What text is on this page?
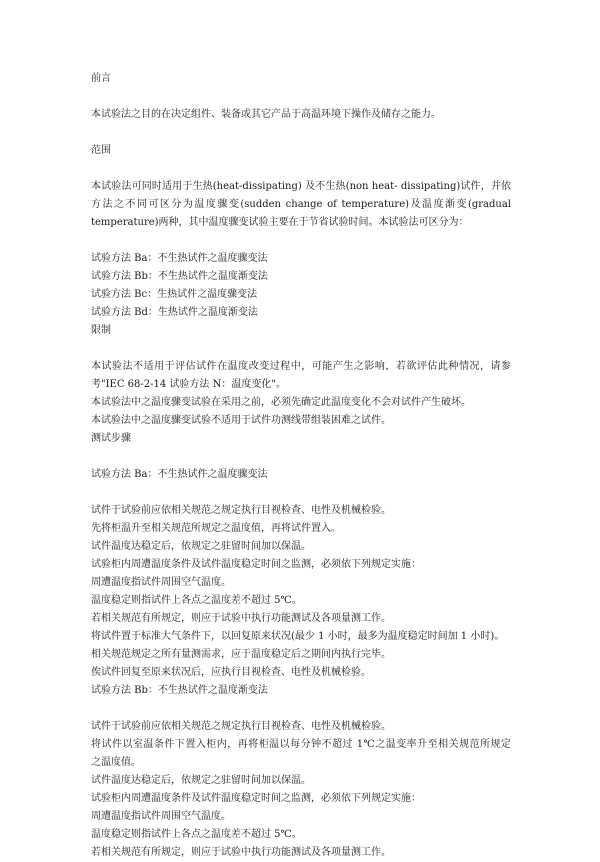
前言
本试验法之目的在决定组件、装备或其它产品于高温环境下操作及储存之能力。
范围
本试验法可同时适用于生热(heat-dissipating) 及不生热(non heat- dissipating)试件，并依
方法之不同可区分为温度骤变(sudden change of temperature)及温度渐变(gradual
temperature)两种，其中温度骤变试验主要在于节省试验时间。本试验法可区分为：
试验方法 Ba：不生热试件之温度骤变法
试验方法 Bb：不生热试件之温度渐变法
试验方法 Bc：生热试件之温度骤变法
试验方法 Bd：生热试件之温度渐变法
限制
本试验法不适用于评估试件在温度改变过程中，可能产生之影响，若欲评估此种情况，请参
考"IEC 68-2-14 试验方法 N：温度变化"。
本试验法中之温度骤变试验在采用之前，必须先确定此温度变化不会对试件产生破坏。
本试验法中之温度骤变试验不适用于试件功测线带组装困难之试件。
测试步骤
试验方法 Ba：不生热试件之温度骤变法
试件于试验前应依相关规范之规定执行目视检查、电性及机械检验。
先将柜温升至相关规范所规定之温度值，再将试件置入。
试件温度达稳定后，依规定之驻留时间加以保温。
试验柜内周遭温度条件及试件温度稳定时间之监测，必须依下列规定实施：
周遭温度指试件周围空气温度。
温度稳定则指试件上各点之温度差不超过 5℃。
若相关规范有所规定，则应于试验中执行功能测试及各项量测工作。
将试件置于标准大气条件下，以回复原来状况(最少 1 小时，最多为温度稳定时间加 1 小时)。
相关规范规定之所有量测需求，应于温度稳定后之期间内执行完毕。
俟试件回复至原来状况后，应执行目视检查、电性及机械检验。
试验方法 Bb：不生热试件之温度渐变法
试件于试验前应依相关规范之规定执行目视检查、电性及机械检验。
将试件以室温条件下置入柜内，再将柜温以每分钟不超过 1℃之温变率升至相关规范所规定
之温度值。
试件温度达稳定后，依规定之驻留时间加以保温。
试验柜内周遭温度条件及试件温度稳定时间之监测，必须依下列规定实施：
周遭温度指试件周围空气温度。
温度稳定则指试件上各点之温度差不超过 5℃。
若相关规范有所规定，则应于试验中执行功能测试及各项量测工作。
